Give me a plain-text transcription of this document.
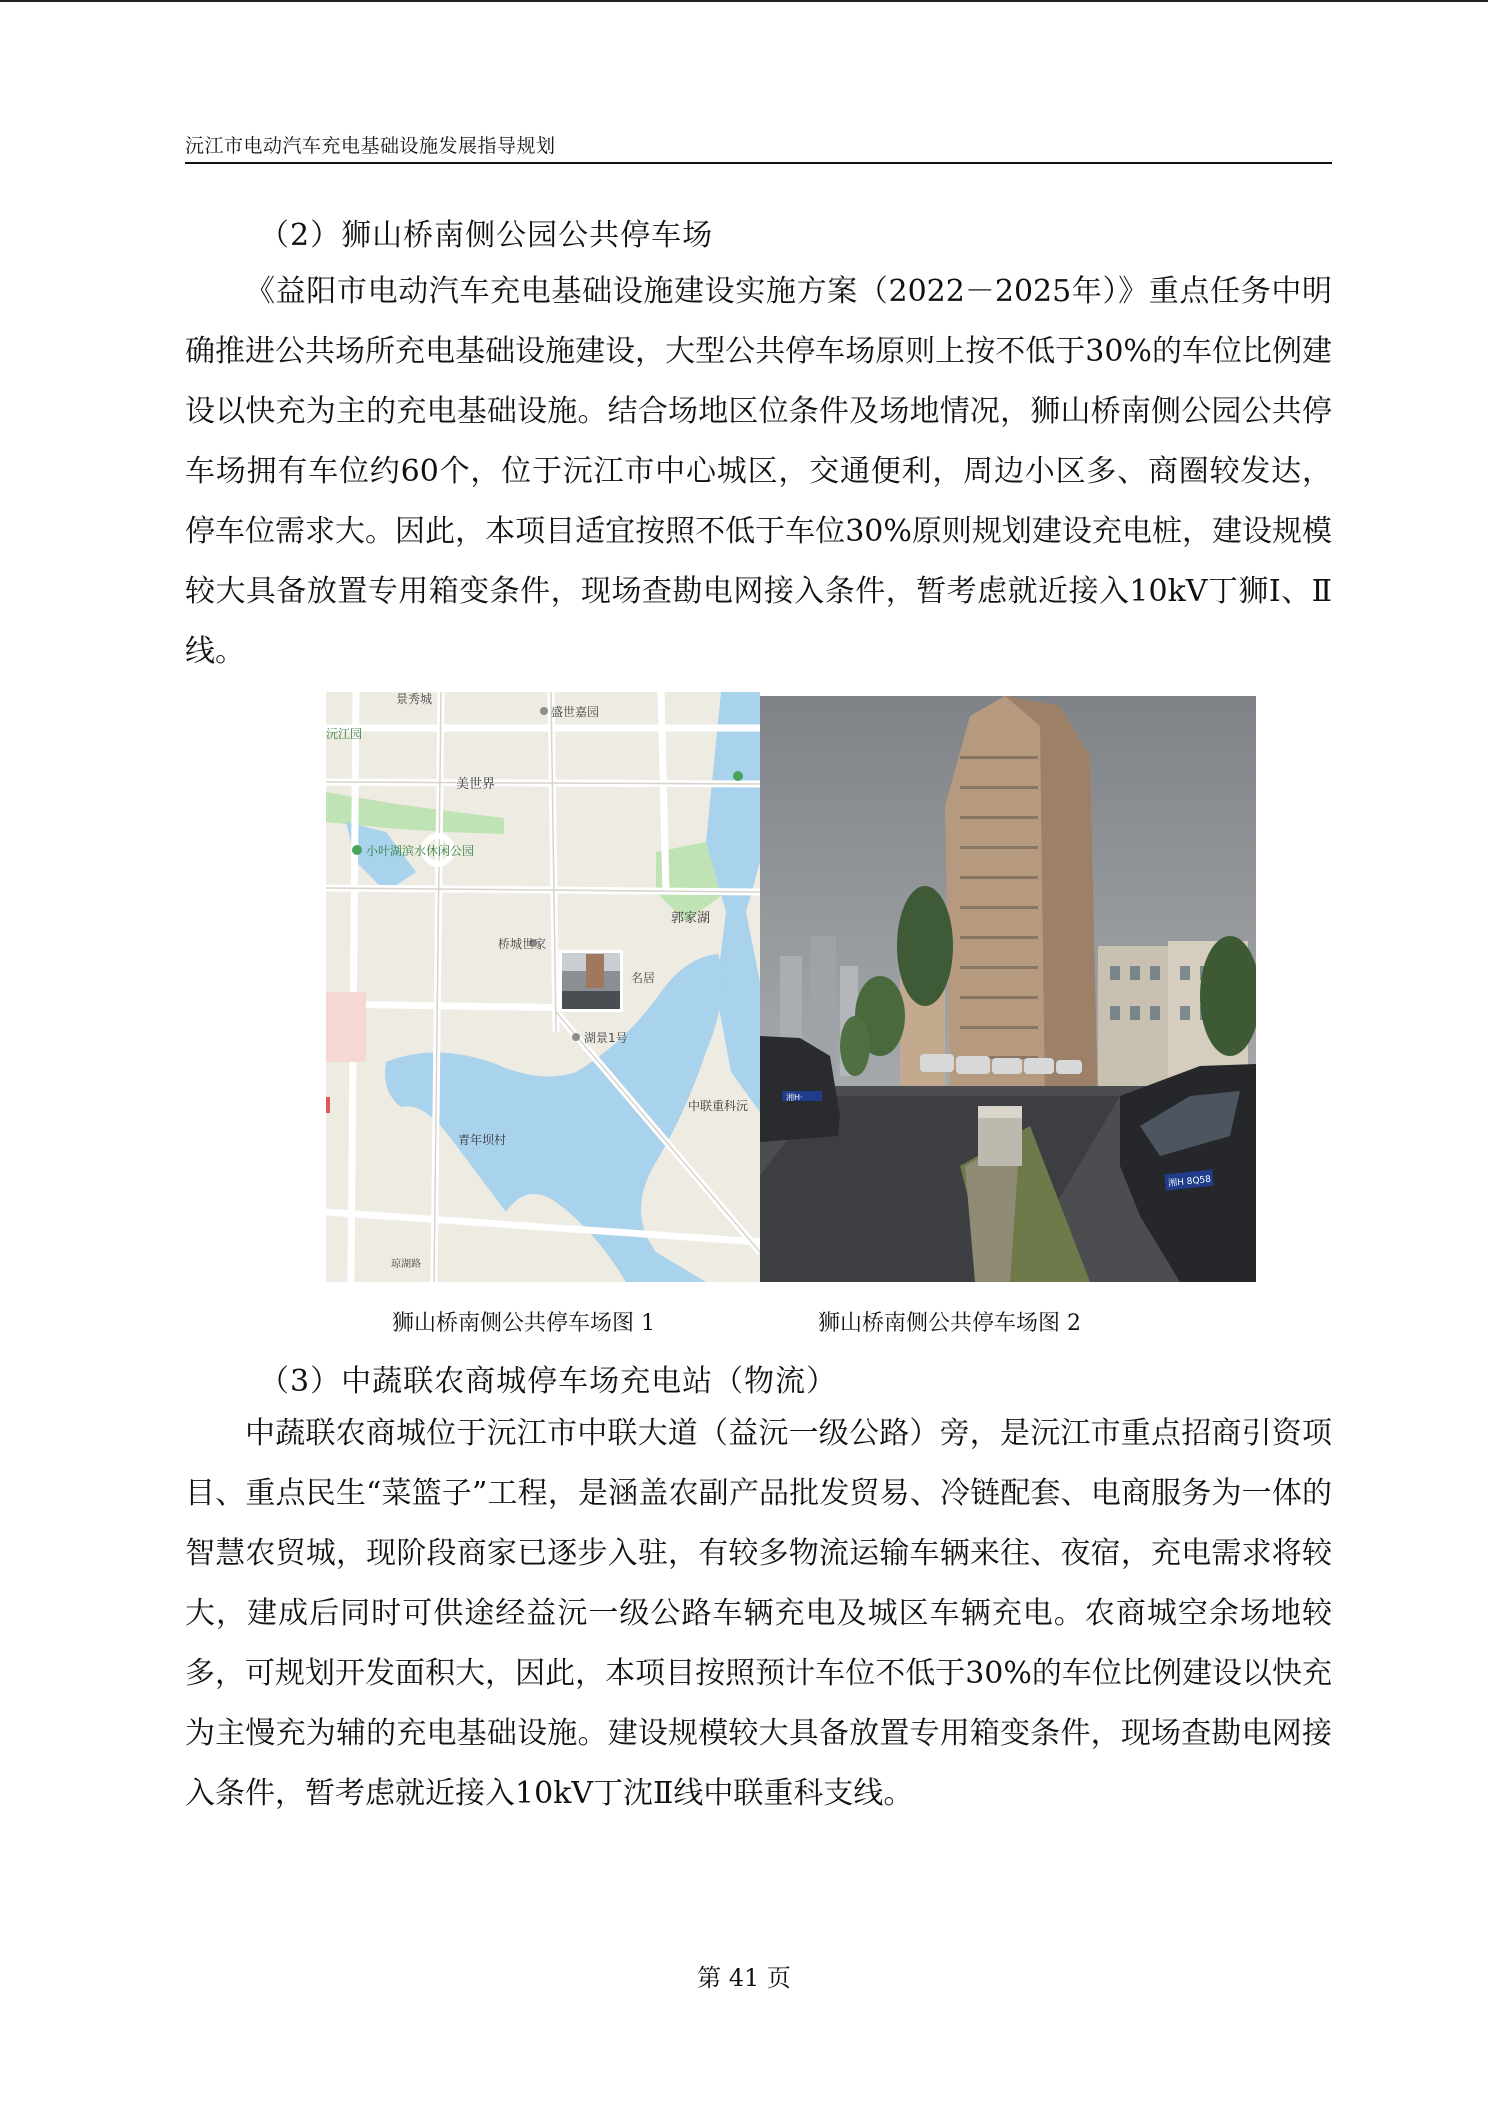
沅江市电动汽车充电基础设施发展指导规划
（2）狮山桥南侧公园公共停车场
《益阳市电动汽车充电基础设施建设实施方案（2022－2025年）》重点任务中明确推进公共场所充电基础设施建设，大型公共停车场原则上按不低于30%的车位比例建设以快充为主的充电基础设施。结合场地区位条件及场地情况，狮山桥南侧公园公共停车场拥有车位约60个，位于沅江市中心城区，交通便利，周边小区多、商圈较发达，停车位需求大。因此，本项目适宜按照不低于车位30%原则规划建设充电桩，建设规模较大具备放置专用箱变条件，现场查勘电网接入条件，暂考虑就近接入10kV丁狮Ⅰ、Ⅱ线。
景秀城
盛世嘉园
美世界
小叶湖滨水休闲公园
郭家湖
桥城世家
名居
湖景1号
中联重科沅
青年坝村
琼湖路
沅江园
湘H·
湘H 8Q58
狮山桥南侧公共停车场图 1	狮山桥南侧公共停车场图 2
（3）中蔬联农商城停车场充电站（物流）
中蔬联农商城位于沅江市中联大道（益沅一级公路）旁，是沅江市重点招商引资项目、重点民生“菜篮子”工程，是涵盖农副产品批发贸易、冷链配套、电商服务为一体的智慧农贸城，现阶段商家已逐步入驻，有较多物流运输车辆来往、夜宿，充电需求将较大，建成后同时可供途经益沅一级公路车辆充电及城区车辆充电。农商城空余场地较多，可规划开发面积大，因此，本项目按照预计车位不低于30%的车位比例建设以快充为主慢充为辅的充电基础设施。建设规模较大具备放置专用箱变条件，现场查勘电网接入条件，暂考虑就近接入10kV丁沈Ⅱ线中联重科支线。
第 41 页
